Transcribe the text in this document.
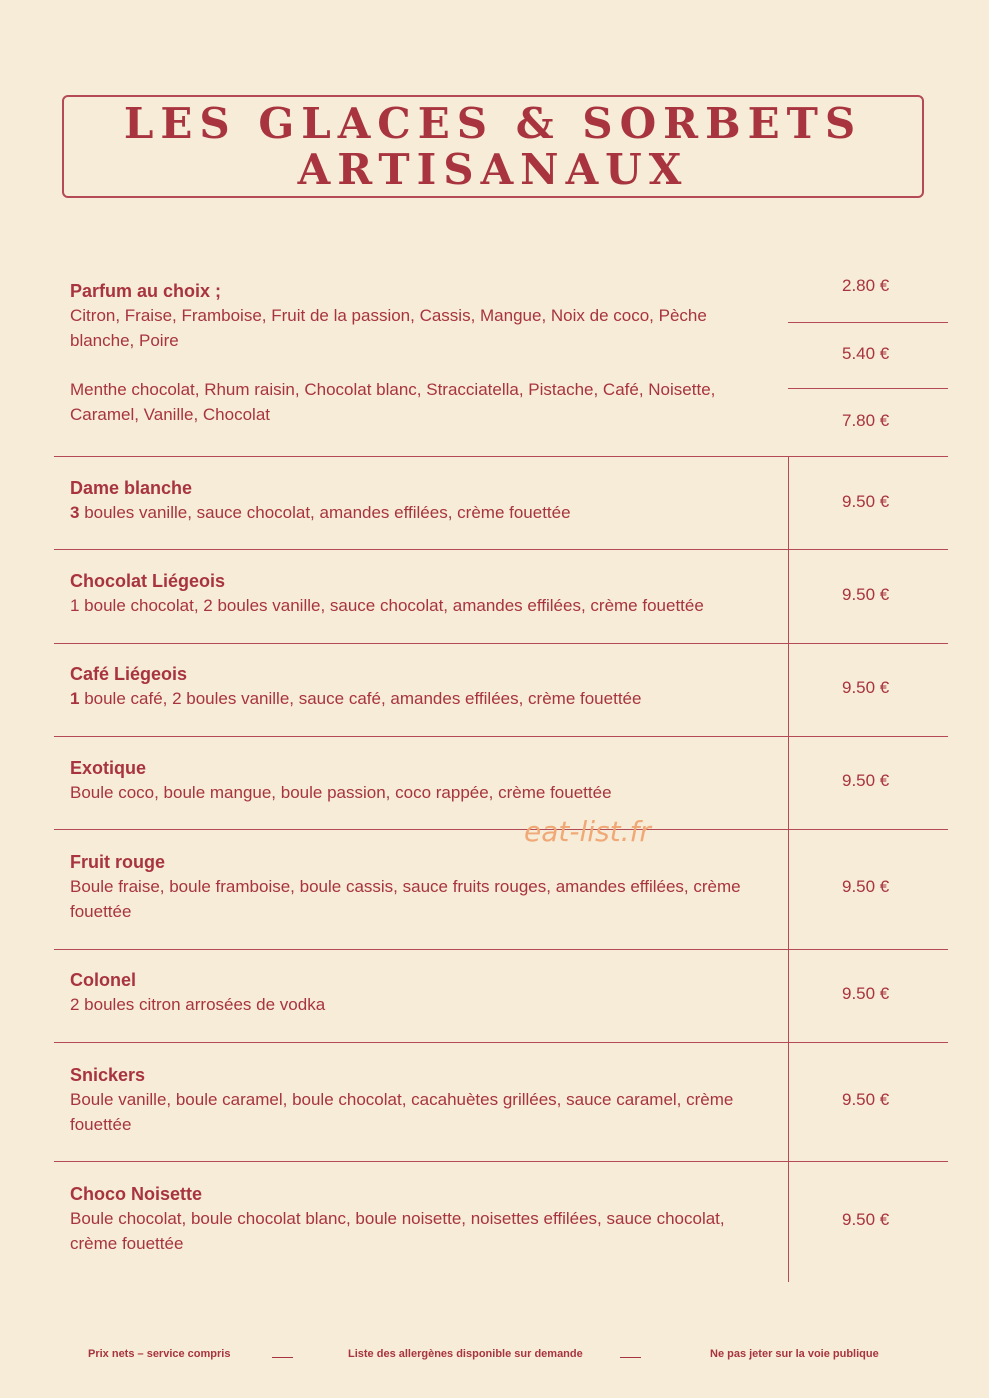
LES GLACES & SORBETS
ARTISANAUX
Parfum au choix ;
Citron, Fraise, Framboise, Fruit de la passion, Cassis, Mangue, Noix de coco, Pèche blanche, Poire
Menthe chocolat, Rhum raisin, Chocolat blanc, Stracciatella, Pistache, Café, Noisette, Caramel, Vanille, Chocolat
2.80 €
5.40 €
7.80 €
Dame blanche
3 boules vanille, sauce chocolat, amandes effilées, crème fouettée
9.50 €
Chocolat Liégeois
1 boule chocolat, 2 boules vanille, sauce chocolat, amandes effilées, crème fouettée
9.50 €
Café Liégeois
1 boule café, 2 boules vanille, sauce café, amandes effilées, crème fouettée
9.50 €
Exotique
Boule coco, boule mangue, boule passion, coco rappée, crème fouettée
9.50 €
Fruit rouge
Boule fraise, boule framboise, boule cassis, sauce fruits rouges, amandes effilées, crème fouettée
9.50 €
Colonel
2 boules citron arrosées de vodka
9.50 €
Snickers
Boule vanille, boule caramel, boule chocolat, cacahuètes grillées, sauce caramel, crème fouettée
9.50 €
Choco Noisette
Boule chocolat, boule chocolat blanc, boule noisette, noisettes effilées, sauce chocolat, crème fouettée
9.50 €
eat-list.fr
Prix nets – service compris	Liste des allergènes disponible sur demande	Ne pas jeter sur la voie publique
